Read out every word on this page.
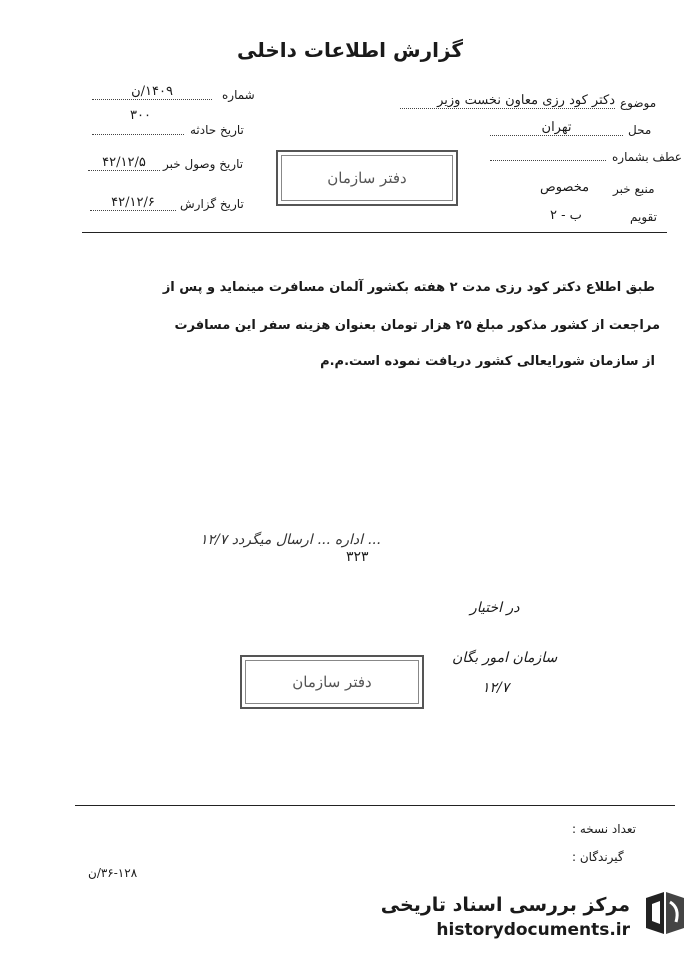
گزارش اطلاعات داخلی
شماره
۱۴۰۹/ن
۳۰۰
تاریخ حادثه
تاریخ وصول خبر
۴۲/۱۲/۵
تاریخ گزارش
۴۲/۱۲/۶
موضوع
دکتر کود رزی معاون نخست وزیر
محل
تهران
عطف بشماره
منبع خبر
مخصوص
تقویم
ب - ۲
دفتر سازمان
طبق اطلاع دکتر کود رزی مدت ۲ هفته بکشور آلمان مسافرت مینماید و پس از
مراجعت از کشور مذکور مبلغ ۲۵ هزار تومان بعنوان هزینه سفر این مسافرت
از سازمان شورایعالی کشور دریافت نموده است.م.م
... اداره ... ارسال میگردد ۱۲/۷
۳۲۳
در اختیار
سازمان امور بگان
۱۲/۷
دفتر سازمان
تعداد نسخه :
گیرندگان :
۳۶-۱۲۸/ن
مرکز بررسی اسناد تاریخی
historydocuments.ir
